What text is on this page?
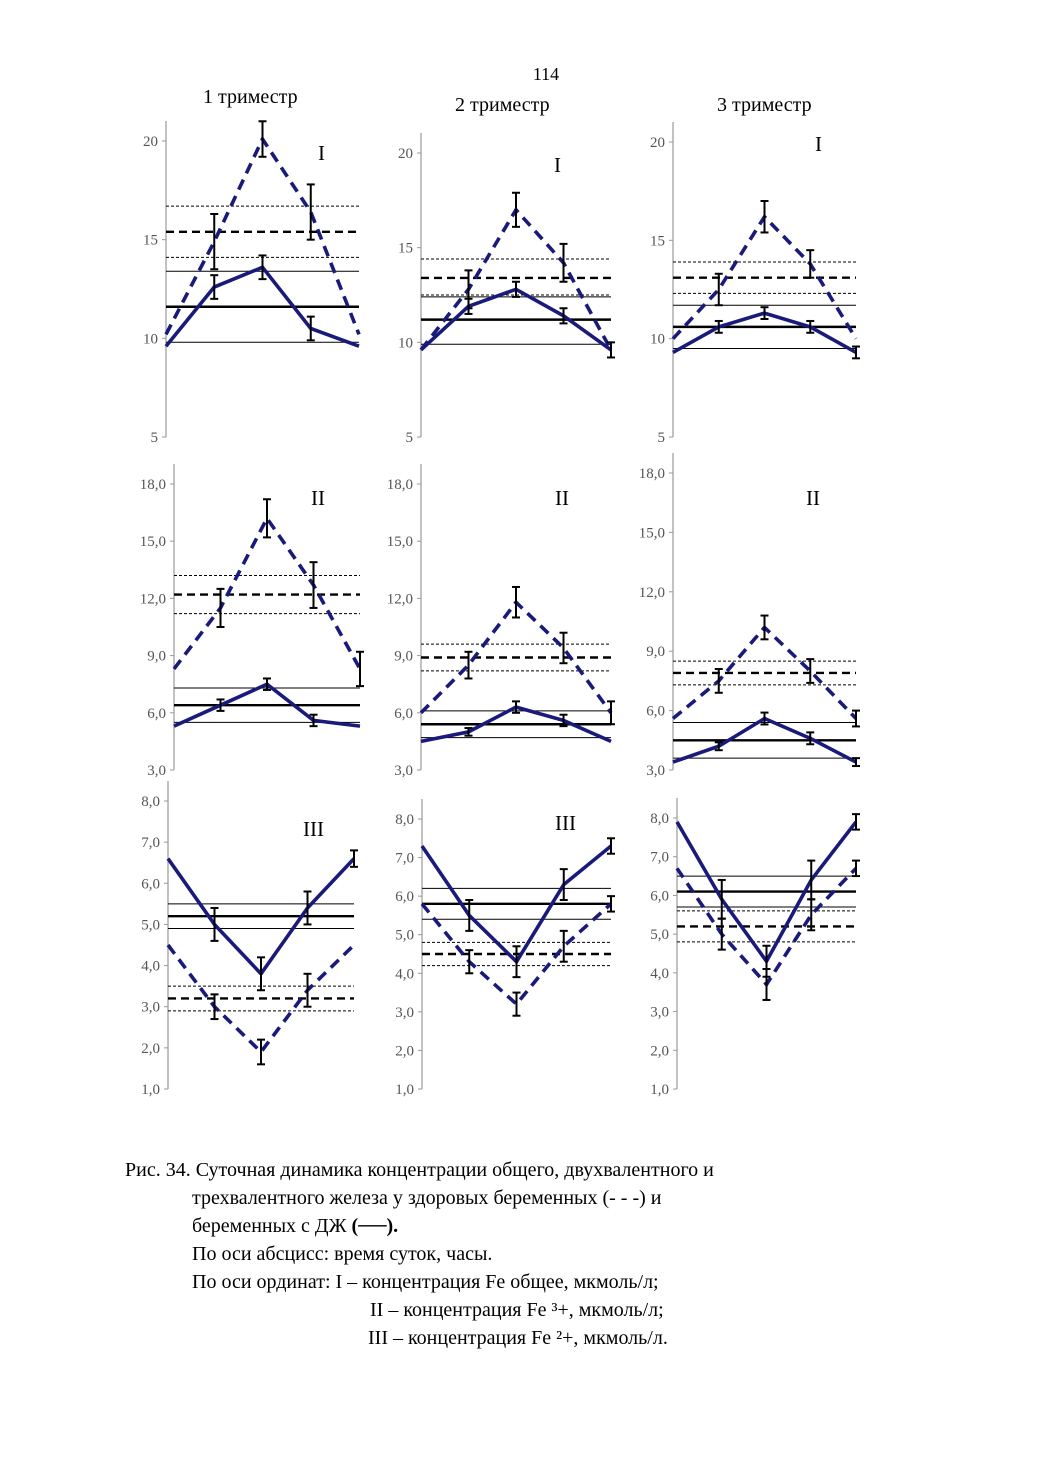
114
1 триместр	2 триместр	3 триместр
20
15
10
5
I	20
15
10
5
I
20
15
10
5
I
18,0
15,0
12,0
9,0
6,0
3,0
II
18,0
15,0
12,0
9,0
6,0
3,0
II
18,0
15,0
12,0
9,0
6,0
3,0
II
8,0
7,0
6,0
5,0
4,0
3,0
2,0
1,0
III	8,0
7,0
6,0
5,0
4,0
3,0
2,0
1,0
III	8,0
7,0
6,0
5,0
4,0
3,0
2,0
1,0
Рис. 34. Суточная динамика концентрации общего, двухвалентного и
трехвалентного железа у здоровых беременных (- - -) и
беременных с ДЖ (──).
По оси абсцисс: время суток, часы.
По оси ординат: I – концентрация Fe общее, мкмоль/л;
II – концентрация Fe ³+, мкмоль/л;
III – концентрация Fe ²+, мкмоль/л.
